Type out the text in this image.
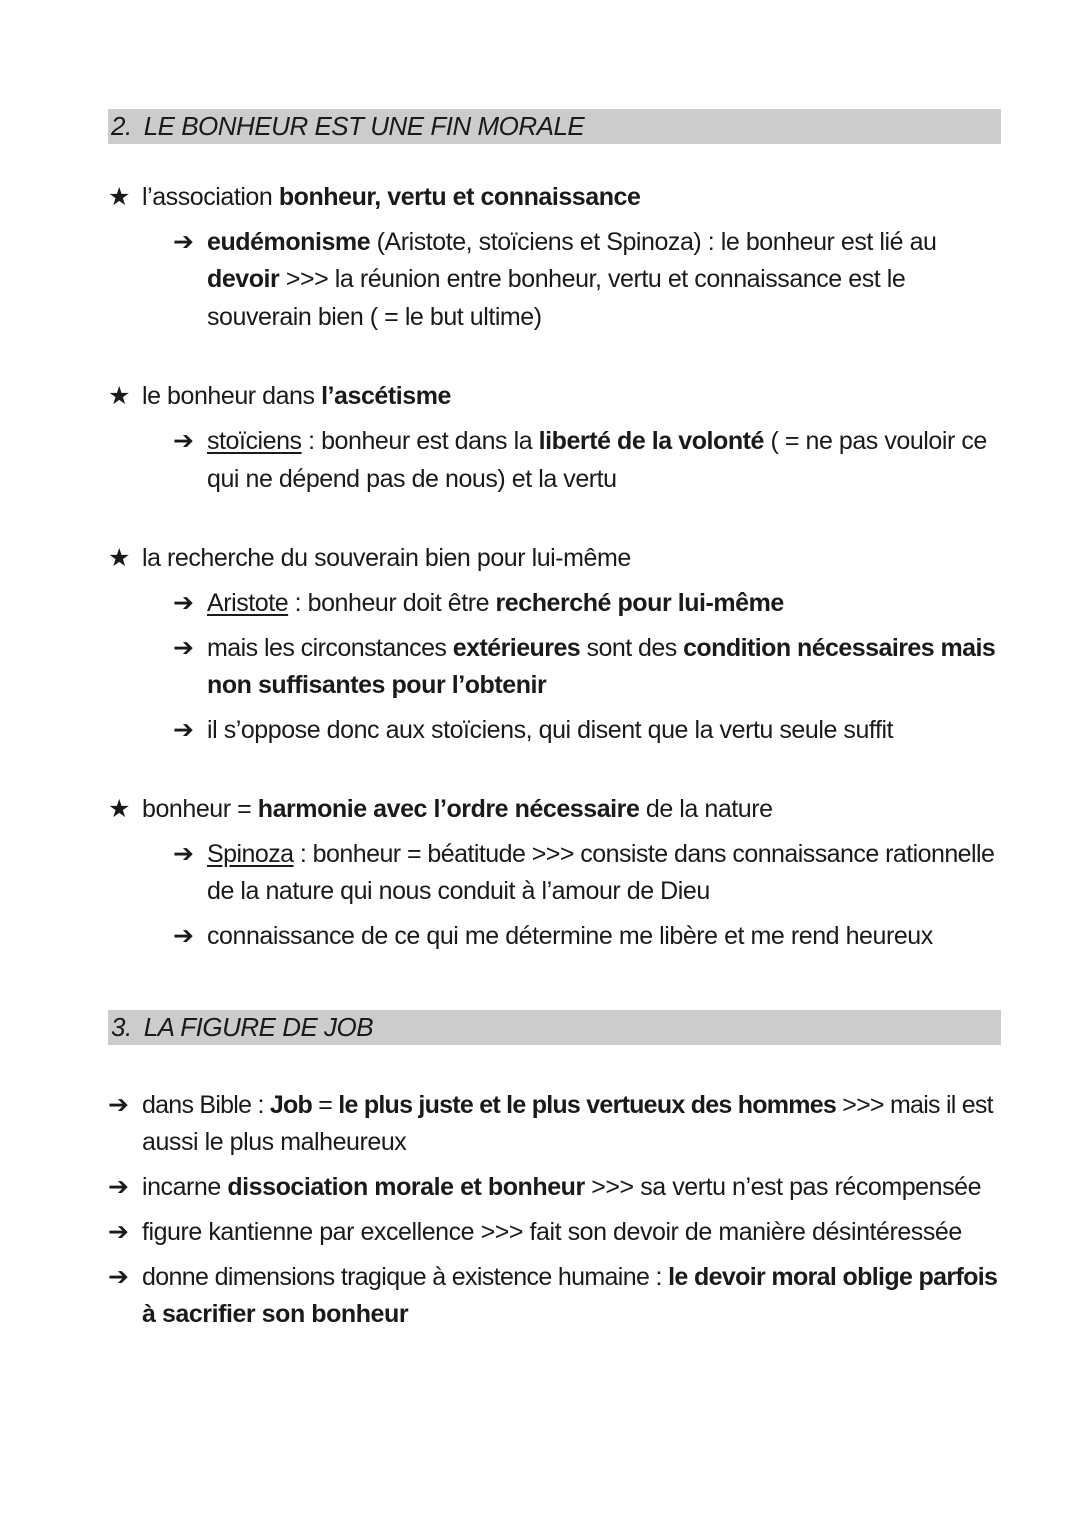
2. LE BONHEUR EST UNE FIN MORALE
★ l’association bonheur, vertu et connaissance
➔ eudémonisme (Aristote, stoïciens et Spinoza) : le bonheur est lié au
devoir >>> la réunion entre bonheur, vertu et connaissance est le
souverain bien ( = le but ultime)
★ le bonheur dans l’ascétisme
➔ stoïciens : bonheur est dans la liberté de la volonté ( = ne pas vouloir ce
qui ne dépend pas de nous) et la vertu
★ la recherche du souverain bien pour lui-même
➔ Aristote : bonheur doit être recherché pour lui-même
➔ mais les circonstances extérieures sont des condition nécessaires mais
non suffisantes pour l’obtenir
➔ il s’oppose donc aux stoïciens, qui disent que la vertu seule suffit
★ bonheur = harmonie avec l’ordre nécessaire de la nature
➔ Spinoza : bonheur = béatitude >>> consiste dans connaissance rationnelle
de la nature qui nous conduit à l’amour de Dieu
➔ connaissance de ce qui me détermine me libère et me rend heureux
3. LA FIGURE DE JOB
➔ dans Bible : Job = le plus juste et le plus vertueux des hommes >>> mais il est
aussi le plus malheureux
➔ incarne dissociation morale et bonheur >>> sa vertu n’est pas récompensée
➔ figure kantienne par excellence >>> fait son devoir de manière désintéressée
➔ donne dimensions tragique à existence humaine : le devoir moral oblige parfois
à sacrifier son bonheur
